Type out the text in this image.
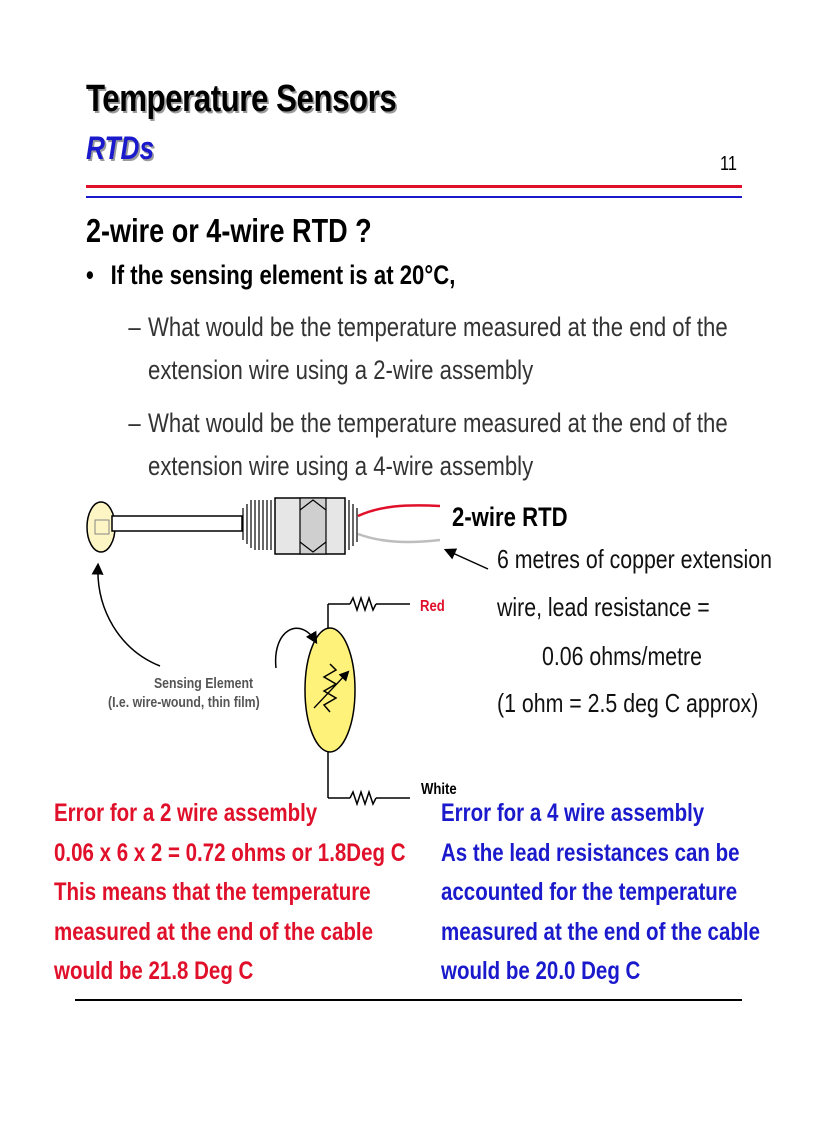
Temperature Sensors
RTDs	11
2-wire or 4-wire RTD ?
• If the sensing element is at 20°C,
– What would be the temperature measured at the end of the
extension wire using a 2-wire assembly
– What would be the temperature measured at the end of the
extension wire using a 4-wire assembly
2-wire RTD
6 metres of copper extension
wire, lead resistance =
0.06 ohms/metre
(1 ohm = 2.5 deg C approx)
Sensing Element
(I.e. wire-wound, thin film)
Red
White
Error for a 2 wire assembly
0.06 x 6 x 2 = 0.72 ohms or 1.8Deg C
This means that the temperature
measured at the end of the cable
would be 21.8 Deg C
Error for a 4 wire assembly
As the lead resistances can be
accounted for the temperature
measured at the end of the cable
would be 20.0 Deg C
